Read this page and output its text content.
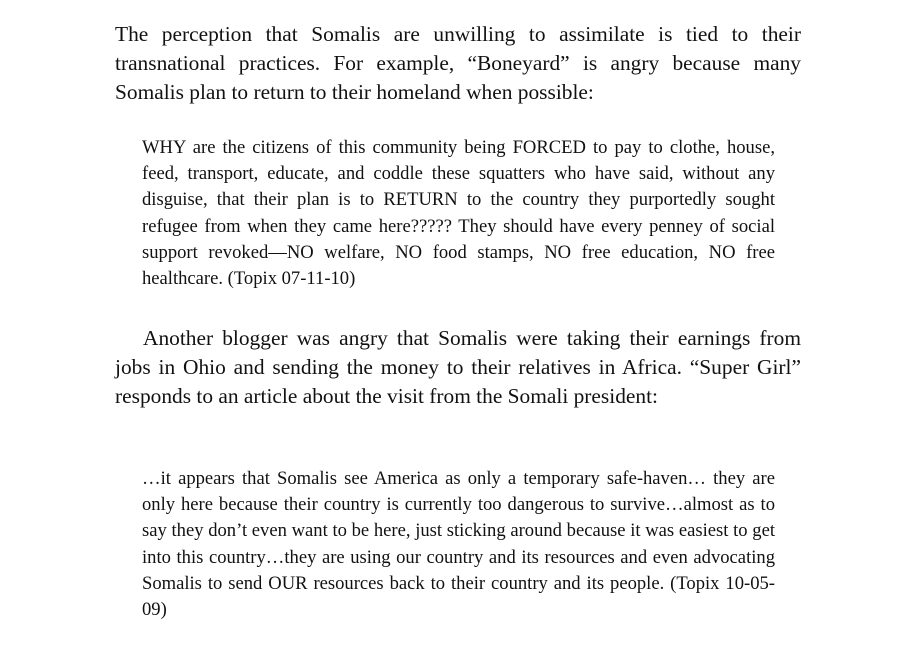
The perception that Somalis are unwilling to assimilate is tied to their transnational practices. For example, “Boneyard” is angry because many Somalis plan to return to their homeland when possible:

WHY are the citizens of this community being FORCED to pay to clothe, house, feed, transport, educate, and coddle these squatters who have said, without any disguise, that their plan is to RETURN to the country they purportedly sought refugee from when they came here????? They should have every penney of social support revoked—NO welfare, NO food stamps, NO free education, NO free healthcare. (Topix 07-11-10)

Another blogger was angry that Somalis were taking their earnings from jobs in Ohio and sending the money to their relatives in Africa. “Super Girl” responds to an article about the visit from the Somali president:

…it appears that Somalis see America as only a temporary safe-haven… they are only here because their country is currently too dangerous to survive…almost as to say they don’t even want to be here, just sticking around because it was easiest to get into this country…they are using our country and its resources and even advocating Somalis to send OUR resources back to their country and its people. (Topix 10-05-09)
